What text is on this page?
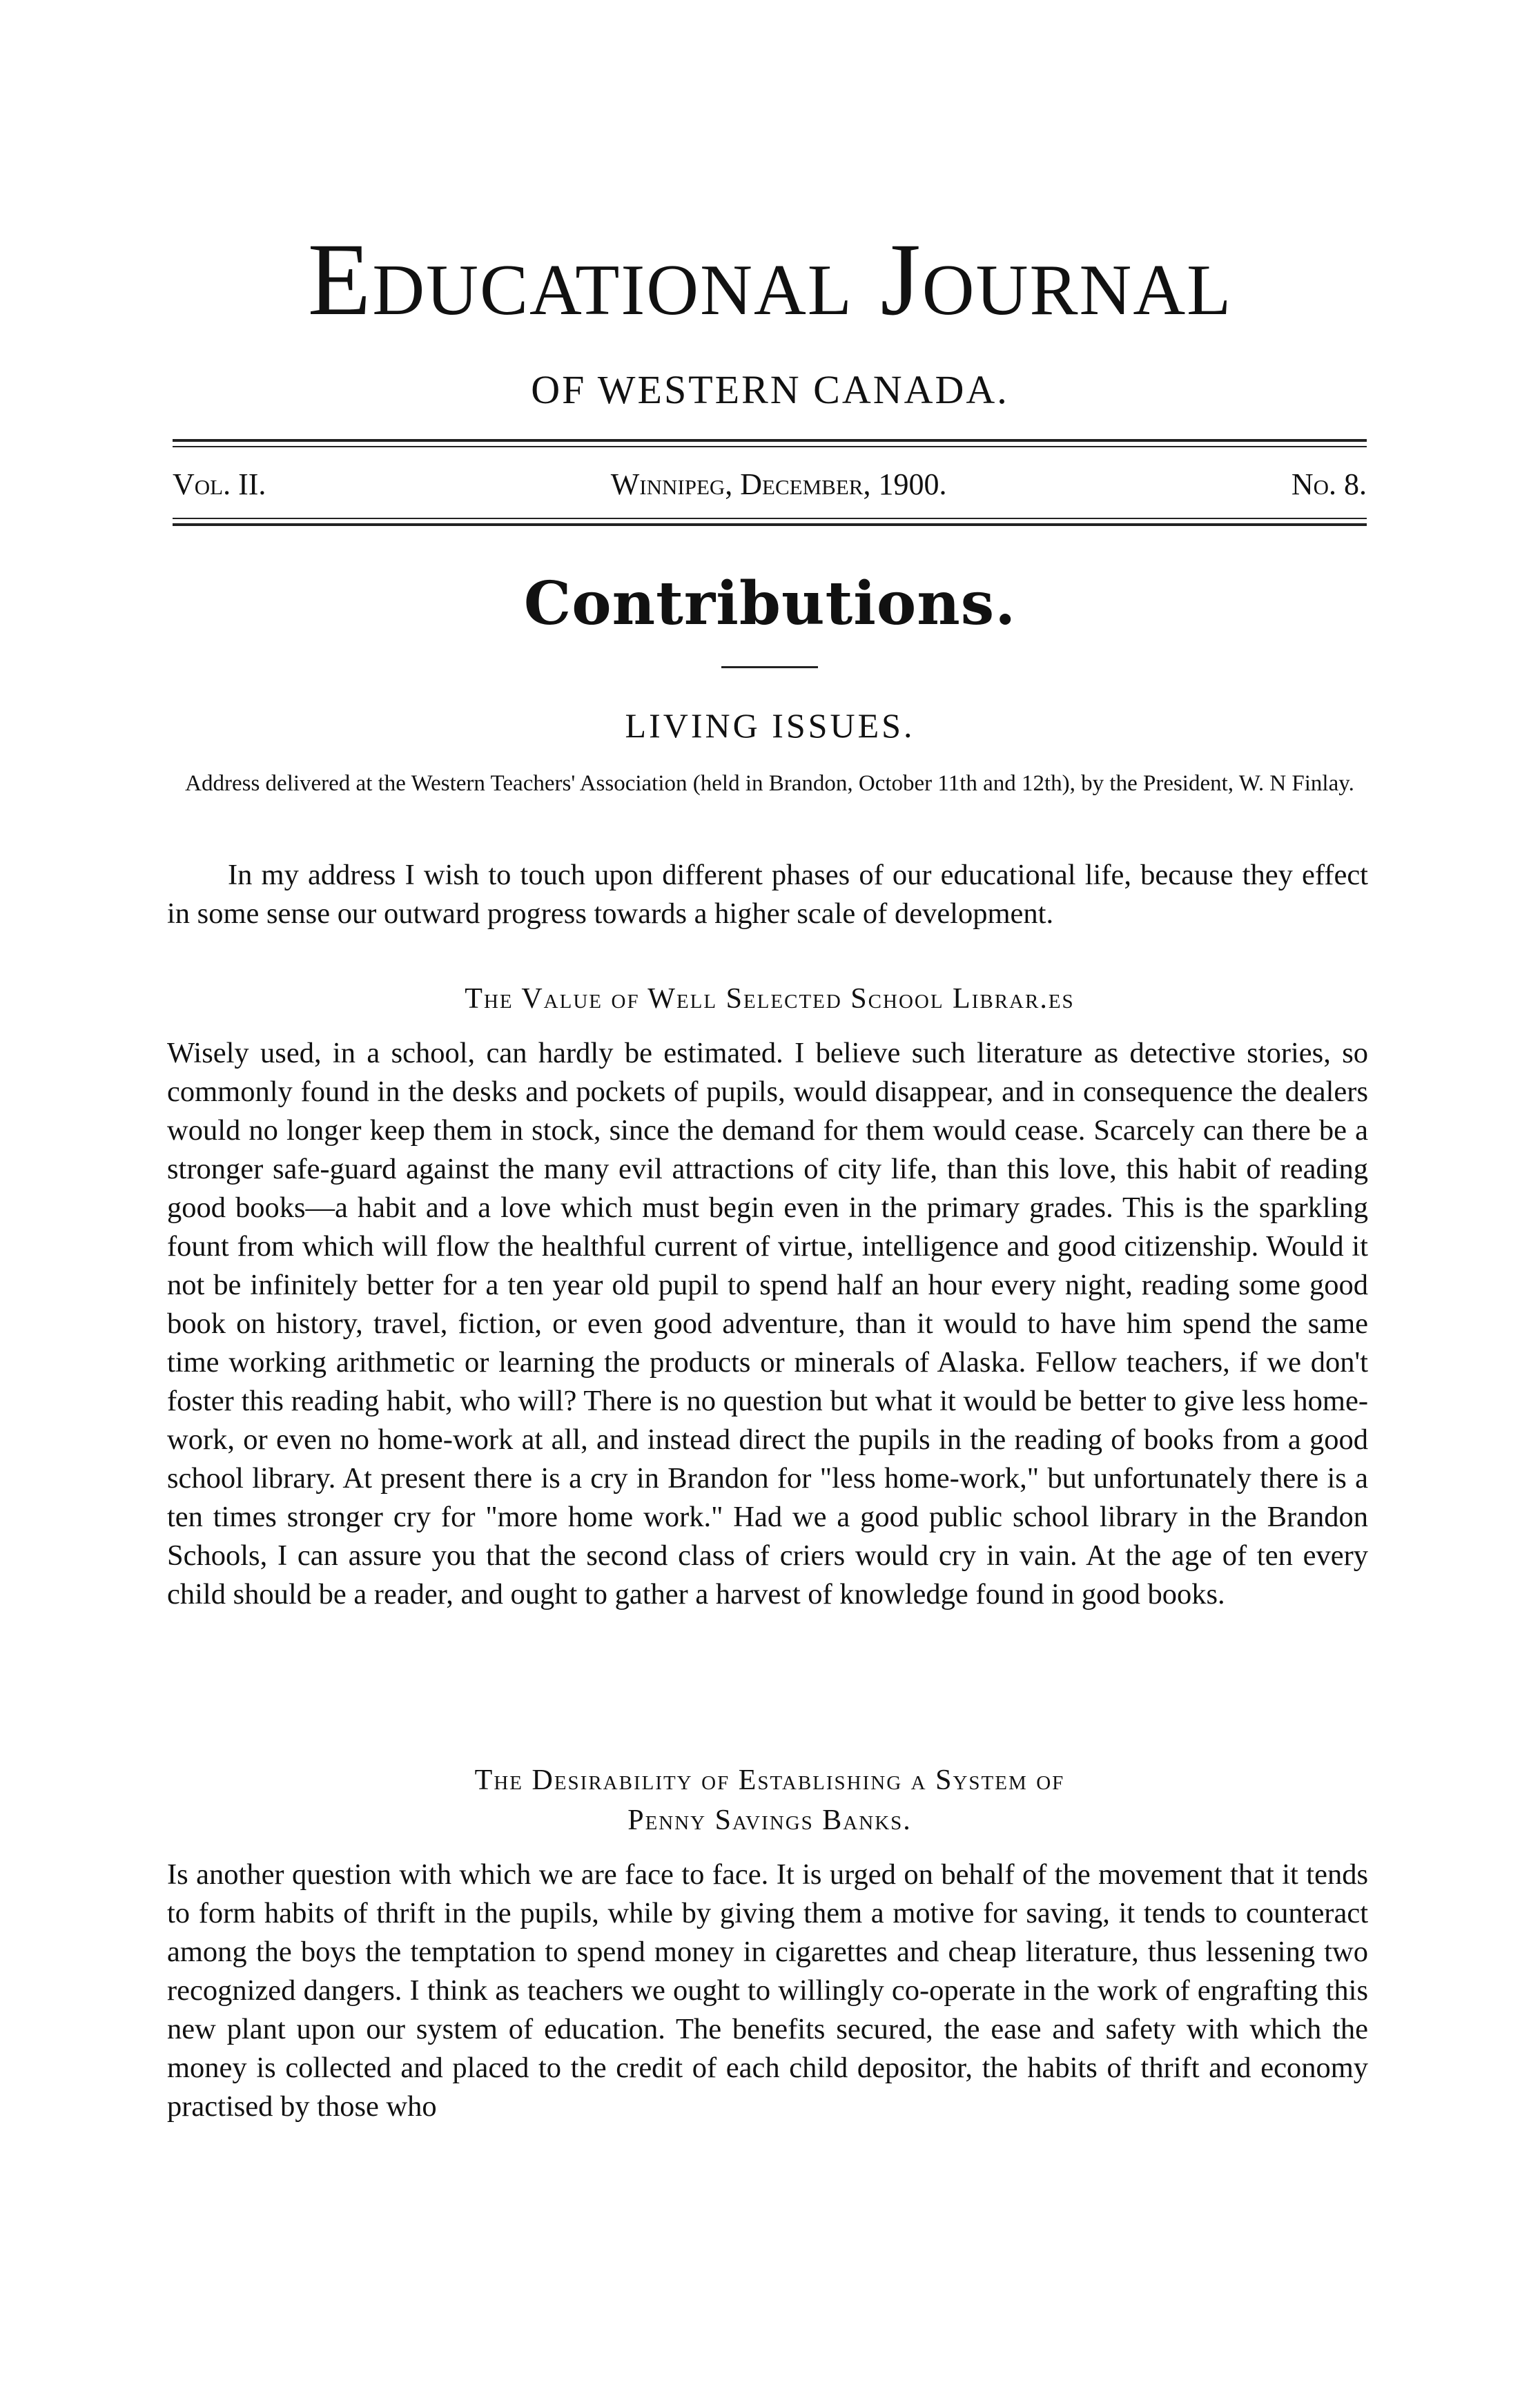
Educational Journal
OF WESTERN CANADA.
Vol. II.	Winnipeg, December, 1900.	No. 8.
Contributions.
LIVING ISSUES.
Address delivered at the Western Teachers' Association (held in Brandon, October 11th and 12th), by the President, W. N Finlay.
In my address I wish to touch upon different phases of our educational life, because they effect in some sense our outward progress towards a higher scale of development.
The Value of Well Selected School Librar.es
Wisely used, in a school, can hardly be estimated. I believe such literature as detective stories, so commonly found in the desks and pockets of pupils, would disappear, and in consequence the dealers would no longer keep them in stock, since the demand for them would cease. Scarcely can there be a stronger safe-guard against the many evil attractions of city life, than this love, this habit of reading good books—a habit and a love which must begin even in the primary grades. This is the sparkling fount from which will flow the healthful current of virtue, intelligence and good citizenship. Would it not be infinitely better for a ten year old pupil to spend half an hour every night, reading some good book on history, travel, fiction, or even good adventure, than it would to have him spend the same time working arithmetic or learning the products or minerals of Alaska. Fellow teachers, if we don't foster this reading habit, who will? There is no question but what it would be better to give less home-work, or even no home-work at all, and instead direct the pupils in the reading of books from a good school library. At present there is a cry in Brandon for "less home-work," but unfortunately there is a ten times stronger cry for "more home work." Had we a good public school library in the Brandon Schools, I can assure you that the second class of criers would cry in vain. At the age of ten every child should be a reader, and ought to gather a harvest of knowledge found in good books.
The Desirability of Establishing a System of
Penny Savings Banks.
Is another question with which we are face to face. It is urged on behalf of the movement that it tends to form habits of thrift in the pupils, while by giving them a motive for saving, it tends to counteract among the boys the temptation to spend money in cigarettes and cheap literature, thus lessening two recognized dangers. I think as teachers we ought to willingly co-operate in the work of engrafting this new plant upon our system of education. The benefits secured, the ease and safety with which the money is collected and placed to the credit of each child depositor, the habits of thrift and economy practised by those who
